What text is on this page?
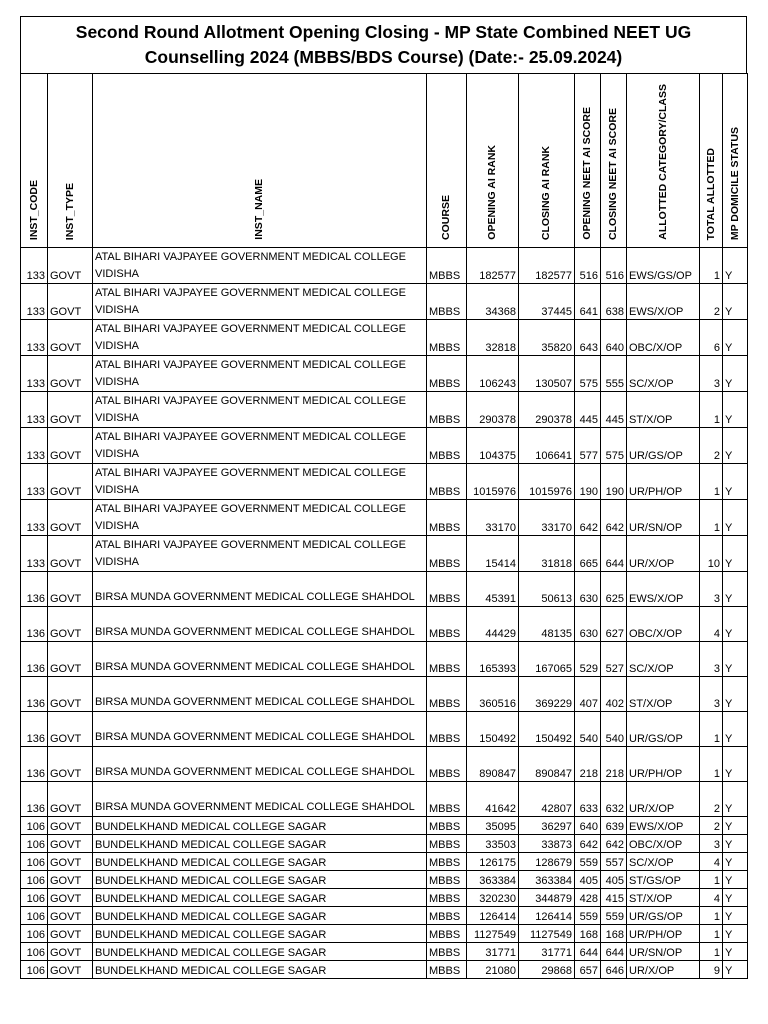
Second Round Allotment Opening Closing - MP State Combined NEET UG Counselling 2024 (MBBS/BDS Course) (Date:- 25.09.2024)
INST_CODE	INST_TYPE	INST_NAME	COURSE	OPENING AI RANK	CLOSING AI RANK	OPENING NEET AI SCORE	CLOSING NEET AI SCORE	ALLOTTED CATEGORY/CLASS	TOTAL ALLOTTED	MP DOMICILE STATUS
133	GOVT	ATAL BIHARI VAJPAYEE GOVERNMENT MEDICAL COLLEGE VIDISHA	MBBS	182577	182577	516	516	EWS/GS/OP	1	Y
133	GOVT	ATAL BIHARI VAJPAYEE GOVERNMENT MEDICAL COLLEGE VIDISHA	MBBS	34368	37445	641	638	EWS/X/OP	2	Y
133	GOVT	ATAL BIHARI VAJPAYEE GOVERNMENT MEDICAL COLLEGE VIDISHA	MBBS	32818	35820	643	640	OBC/X/OP	6	Y
133	GOVT	ATAL BIHARI VAJPAYEE GOVERNMENT MEDICAL COLLEGE VIDISHA	MBBS	106243	130507	575	555	SC/X/OP	3	Y
133	GOVT	ATAL BIHARI VAJPAYEE GOVERNMENT MEDICAL COLLEGE VIDISHA	MBBS	290378	290378	445	445	ST/X/OP	1	Y
133	GOVT	ATAL BIHARI VAJPAYEE GOVERNMENT MEDICAL COLLEGE VIDISHA	MBBS	104375	106641	577	575	UR/GS/OP	2	Y
133	GOVT	ATAL BIHARI VAJPAYEE GOVERNMENT MEDICAL COLLEGE VIDISHA	MBBS	1015976	1015976	190	190	UR/PH/OP	1	Y
133	GOVT	ATAL BIHARI VAJPAYEE GOVERNMENT MEDICAL COLLEGE VIDISHA	MBBS	33170	33170	642	642	UR/SN/OP	1	Y
133	GOVT	ATAL BIHARI VAJPAYEE GOVERNMENT MEDICAL COLLEGE VIDISHA	MBBS	15414	31818	665	644	UR/X/OP	10	Y
136	GOVT	BIRSA MUNDA GOVERNMENT MEDICAL COLLEGE SHAHDOL	MBBS	45391	50613	630	625	EWS/X/OP	3	Y
136	GOVT	BIRSA MUNDA GOVERNMENT MEDICAL COLLEGE SHAHDOL	MBBS	44429	48135	630	627	OBC/X/OP	4	Y
136	GOVT	BIRSA MUNDA GOVERNMENT MEDICAL COLLEGE SHAHDOL	MBBS	165393	167065	529	527	SC/X/OP	3	Y
136	GOVT	BIRSA MUNDA GOVERNMENT MEDICAL COLLEGE SHAHDOL	MBBS	360516	369229	407	402	ST/X/OP	3	Y
136	GOVT	BIRSA MUNDA GOVERNMENT MEDICAL COLLEGE SHAHDOL	MBBS	150492	150492	540	540	UR/GS/OP	1	Y
136	GOVT	BIRSA MUNDA GOVERNMENT MEDICAL COLLEGE SHAHDOL	MBBS	890847	890847	218	218	UR/PH/OP	1	Y
136	GOVT	BIRSA MUNDA GOVERNMENT MEDICAL COLLEGE SHAHDOL	MBBS	41642	42807	633	632	UR/X/OP	2	Y
106	GOVT	BUNDELKHAND MEDICAL COLLEGE SAGAR	MBBS	35095	36297	640	639	EWS/X/OP	2	Y
106	GOVT	BUNDELKHAND MEDICAL COLLEGE SAGAR	MBBS	33503	33873	642	642	OBC/X/OP	3	Y
106	GOVT	BUNDELKHAND MEDICAL COLLEGE SAGAR	MBBS	126175	128679	559	557	SC/X/OP	4	Y
106	GOVT	BUNDELKHAND MEDICAL COLLEGE SAGAR	MBBS	363384	363384	405	405	ST/GS/OP	1	Y
106	GOVT	BUNDELKHAND MEDICAL COLLEGE SAGAR	MBBS	320230	344879	428	415	ST/X/OP	4	Y
106	GOVT	BUNDELKHAND MEDICAL COLLEGE SAGAR	MBBS	126414	126414	559	559	UR/GS/OP	1	Y
106	GOVT	BUNDELKHAND MEDICAL COLLEGE SAGAR	MBBS	1127549	1127549	168	168	UR/PH/OP	1	Y
106	GOVT	BUNDELKHAND MEDICAL COLLEGE SAGAR	MBBS	31771	31771	644	644	UR/SN/OP	1	Y
106	GOVT	BUNDELKHAND MEDICAL COLLEGE SAGAR	MBBS	21080	29868	657	646	UR/X/OP	9	Y
